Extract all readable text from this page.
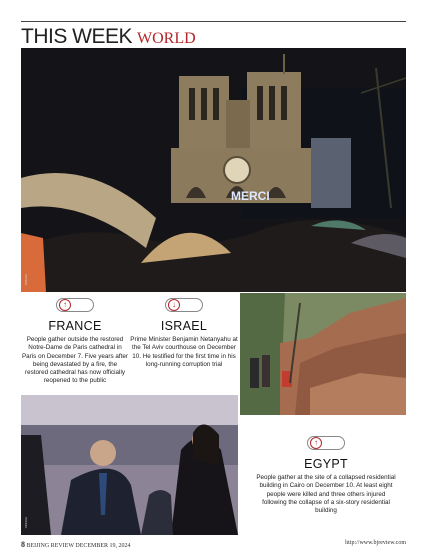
THIS WEEK WORLD
MERCI
XINHUA
↑
FRANCE
People gather outside the restored Notre-Dame de Paris cathedral in Paris on December 7. Five years after being devastated by a fire, the restored cathedral has now officially reopened to the public
↓
ISRAEL
Prime Minister Benjamin Netanyahu at the Tel Aviv courthouse on December 10. He testified for the first time in his long-running corruption trial
↑
EGYPT
People gather at the site of a collapsed residential building in Cairo on December 10. At least eight people were killed and three others injured following the collapse of a six-story residential building
XINHUA
8 BEIJING REVIEW DECEMBER 19, 2024	http://www.bjreview.com
